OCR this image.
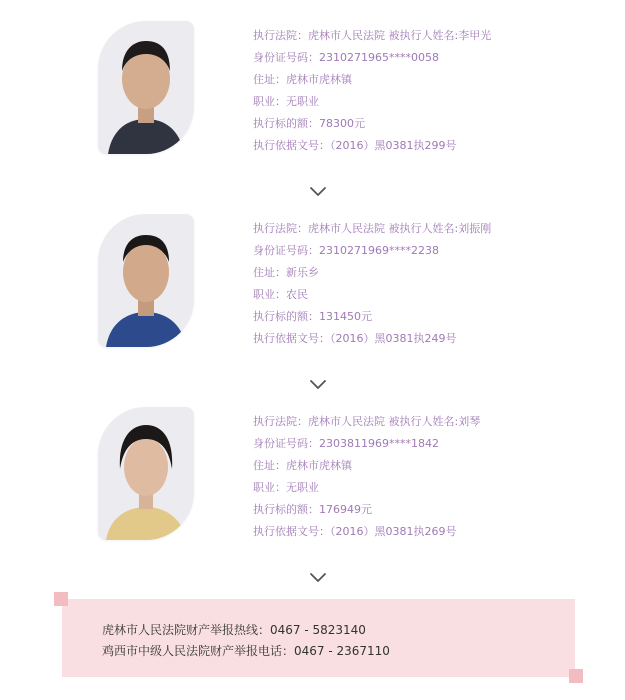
执行法院：虎林市人民法院 被执行人姓名:李甲光
身份证号码：2310271965****0058
住址：虎林市虎林镇
职业：无职业
执行标的额：78300元
执行依据文号：（2016）黑0381执299号
执行法院：虎林市人民法院 被执行人姓名:刘振刚
身份证号码：2310271969****2238
住址：新乐乡
职业：农民
执行标的额：131450元
执行依据文号：（2016）黑0381执249号
执行法院：虎林市人民法院 被执行人姓名:刘琴
身份证号码：2303811969****1842
住址：虎林市虎林镇
职业：无职业
执行标的额：176949元
执行依据文号：（2016）黑0381执269号
虎林市人民法院财产举报热线：0467 - 5823140
鸡西市中级人民法院财产举报电话：0467 - 2367110
